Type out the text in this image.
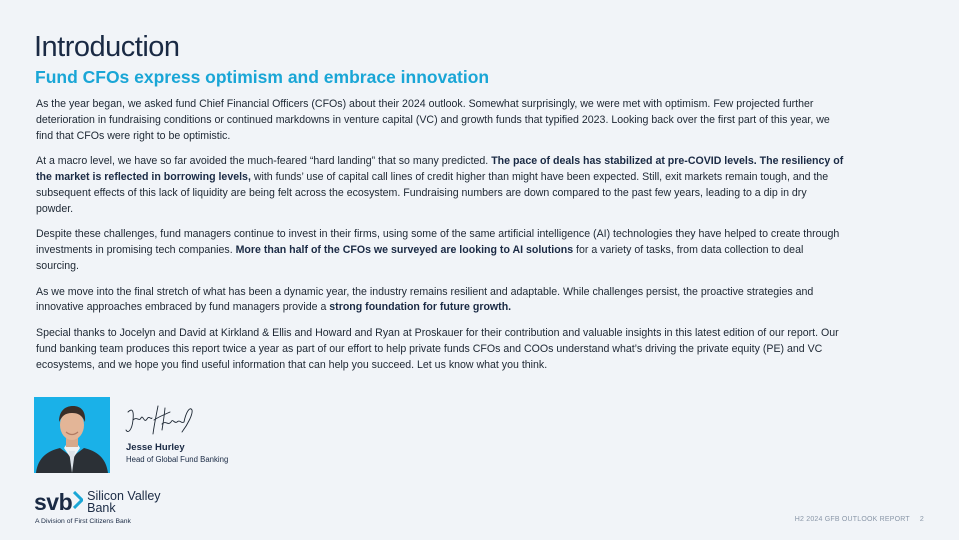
Introduction
Fund CFOs express optimism and embrace innovation

As the year began, we asked fund Chief Financial Officers (CFOs) about their 2024 outlook. Somewhat surprisingly, we were met with optimism. Few projected further deterioration in fundraising conditions or continued markdowns in venture capital (VC) and growth funds that typified 2023. Looking back over the first part of this year, we find that CFOs were right to be optimistic.

At a macro level, we have so far avoided the much-feared “hard landing” that so many predicted. The pace of deals has stabilized at pre-COVID levels. The resiliency of the market is reflected in borrowing levels, with funds’ use of capital call lines of credit higher than might have been expected. Still, exit markets remain tough, and the subsequent effects of this lack of liquidity are being felt across the ecosystem. Fundraising numbers are down compared to the past few years, leading to a dip in dry powder.

Despite these challenges, fund managers continue to invest in their firms, using some of the same artificial intelligence (AI) technologies they have helped to create through investments in promising tech companies. More than half of the CFOs we surveyed are looking to AI solutions for a variety of tasks, from data collection to deal sourcing.

As we move into the final stretch of what has been a dynamic year, the industry remains resilient and adaptable. While challenges persist, the proactive strategies and innovative approaches embraced by fund managers provide a strong foundation for future growth.

Special thanks to Jocelyn and David at Kirkland & Ellis and Howard and Ryan at Proskauer for their contribution and valuable insights in this latest edition of our report. Our fund banking team produces this report twice a year as part of our effort to help private funds CFOs and COOs understand what’s driving the private equity (PE) and VC ecosystems, and we hope you find useful information that can help you succeed. Let us know what you think.

Jesse Hurley
Head of Global Fund Banking
svb Silicon Valley
Bank
A Division of First Citizens Bank	H2 2024 GFB OUTLOOK REPORT 2
